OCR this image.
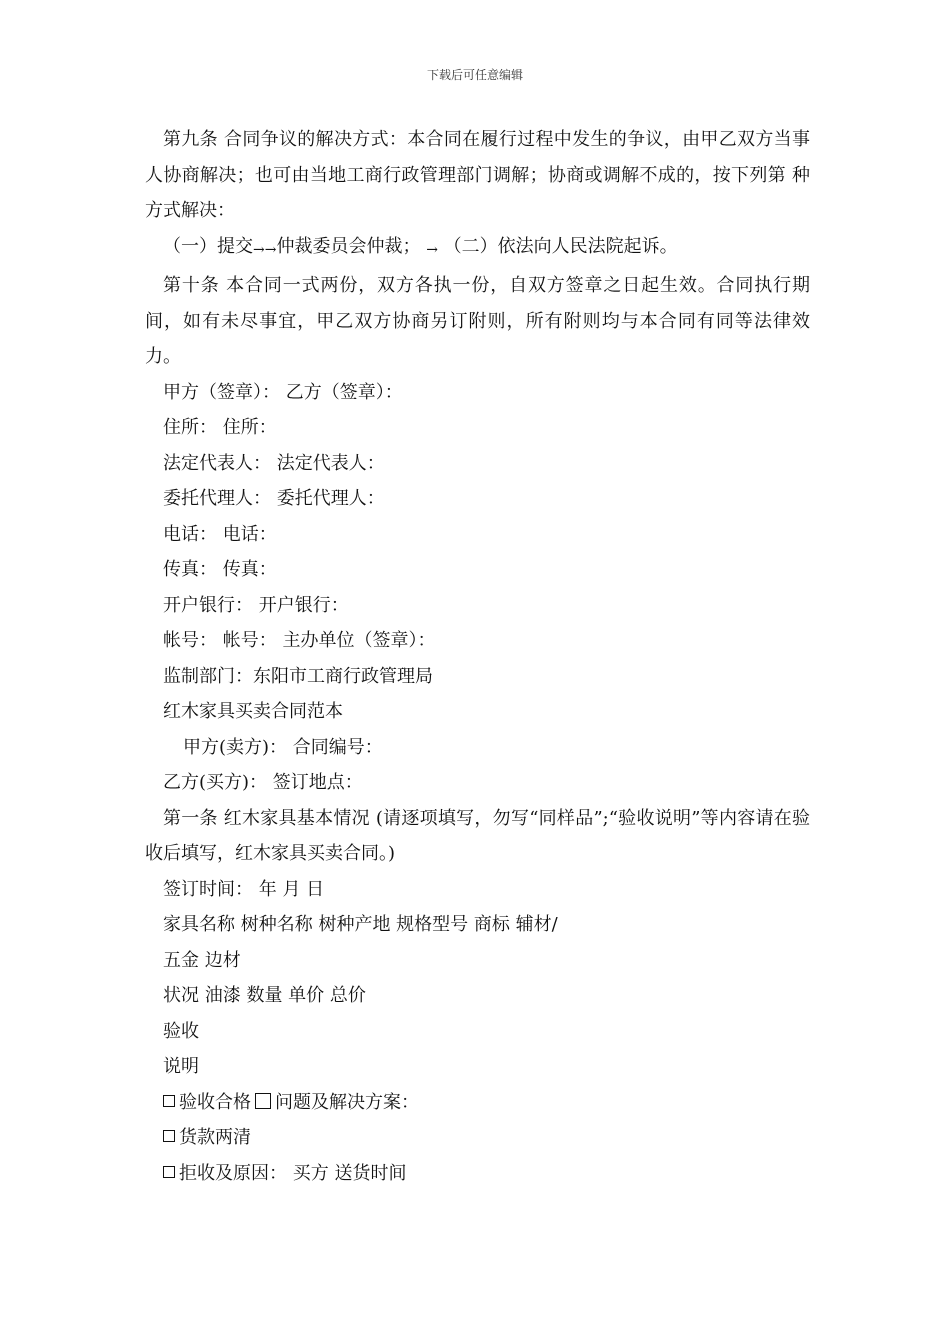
下载后可任意编辑

第九条 合同争议的解决方式：本合同在履行过程中发生的争议，由甲乙双方当事人协商解决；也可由当地工商行政管理部门调解；协商或调解不成的，按下列第 种方式解决：

（一）提交→→仲裁委员会仲裁； → （二）依法向人民法院起诉。

第十条 本合同一式两份，双方各执一份，自双方签章之日起生效。合同执行期间，如有未尽事宜，甲乙双方协商另订附则，所有附则均与本合同有同等法律效力。

甲方（签章）： 乙方（签章）：

住所： 住所：

法定代表人： 法定代表人：

委托代理人： 委托代理人：

电话： 电话：

传真： 传真：

开户银行： 开户银行：

帐号： 帐号： 主办单位（签章）：

监制部门：东阳市工商行政管理局

红木家具买卖合同范本

甲方(卖方)： 合同编号：

乙方(买方)： 签订地点：

第一条 红木家具基本情况 (请逐项填写，勿写“同样品”;“验收说明”等内容请在验收后填写，红木家具买卖合同。)

签订时间： 年 月 日

家具名称 树种名称 树种产地 规格型号 商标 辅材/

五金 边材

状况 油漆 数量 单价 总价

验收

说明

验收合格 问题及解决方案：

货款两清

拒收及原因： 买方 送货时间
